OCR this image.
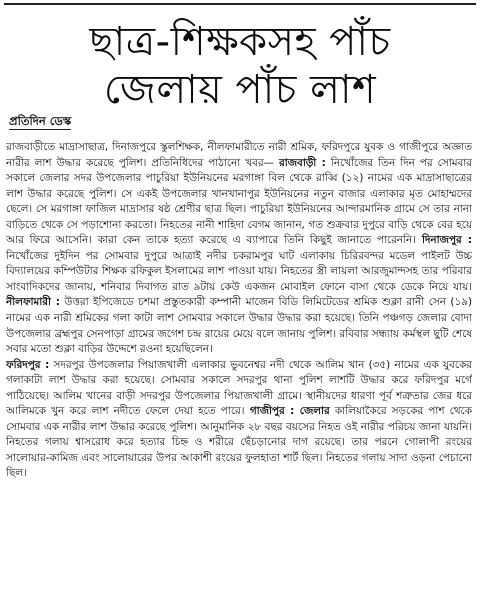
ছাত্র-শিক্ষকসহ পাঁচ
জেলায় পাঁচ লাশ
প্রতিদিন ডেস্ক

রাজবাড়ীতে মাদ্রাসাছাত্র, দিনাজপুরে স্কুলশিক্ষক, নীলফামারীতে নারী শ্রমিক, ফরিদপুরে যুবক ও গাজীপুরে অজ্ঞাত নারীর লাশ উদ্ধার করেছে পুলিশ। প্রতিনিধিদের পাঠানো খবর— রাজবাড়ী : নিখোঁজের তিন দিন পর সোমবার সকালে জেলার সদর উপজেলার পাচুরিয়া ইউনিয়নের মরগাঙ্গা বিল থেকে রাব্বি (১২) নামের এক মাদ্রাসাছাত্রের লাশ উদ্ধার করেছে পুলিশ। সে একই উপজেলার খানখানাপুর ইউনিয়নের নতুন বাজার এলাকার মৃত মোহাম্মদের ছেলে। সে মরগাঙ্গা ফাজিল মাদ্রাসার ষষ্ঠ শ্রেণীর ছাত্র ছিল। পাচুরিয়া ইউনিয়নের আন্দারমানিক গ্রামে সে তার নানা বাড়িতে থেকে সে পড়াশোনা করতো। নিহতের নানী শাহিদা বেগম জানান, গত শুক্রবার দুপুরে বাড়ি থেকে বের হয়ে আর ফিরে আসেনি। কারা কেন তাকে হত্যা করেছে এ ব্যাপারে তিনি কিছুই জানাতে পারেননি। দিনাজপুর : নিখোঁজের দুইদিন পর সোমবার দুপুরে আত্রাই নদীর চকরামপুর ঘাট এলাকায় চিরিরবন্দর মডেল পাইলট উচ্চ বিদ্যালয়ের কম্পিউটার শিক্ষক রফিকুল ইসলামের লাশ পাওয়া যায়। নিহতের স্ত্রী লায়লা আরজুমান্দসহ তার পরিবার সাংবাদিকদের জানায়, শনিবার দিবাগত রাত ৯টায় কেউ একজন মোবাইল ফোনে বাসা থেকে ডেকে নিয়ে যায়। নীলফামারী : উত্তরা ইপিজেডে চশমা প্রস্তুতকারী কম্পানী মাজেন বিডি লিমিটেডের শ্রমিক শুক্লা রানী সেন (১৯) নামের এক নারী শ্রমিকের গলা কাটা লাশ সোমবার সকালে উদ্ধার উদ্ধার করা হয়েছে। তিনি পঞ্চগড় জেলার বোদা উপজেলার ব্রহ্মপুর সেনপাড়া গ্রামের জগেশ চন্দ্র রায়ের মেয়ে বলে জানায় পুলিশ। রবিবার সন্ধ্যায় কর্মস্থল ছুটি শেষে সবার মতো শুক্লা বাড়ির উদ্দেশে রওনা হয়েছিলেন।

ফরিদপুর : সদরপুর উপজেলার পিয়াজখালী এলাকার ভুবনেশ্বর নদী থেকে আলিম খান (৩৫) নামের এক যুবকের গলাকাটা লাশ উদ্ধার করা হয়েছে। সোমবার সকালে সদরপুর থানা পুলিশ লাশটি উদ্ধার করে ফরিদপুর মর্গে পাঠিয়েছে। আলিম খানের বাড়ী সদরপুর উপজেলার পিয়াজখালী গ্রামে। স্থানীয়দের ধারণা পূর্ব শত্রুতার জের ধরে আলিমকে খুন করে লাশ নদীতে ফেলে দেয়া হতে পারে। গাজীপুর : জেলার কালিয়াকৈরে সড়কের পাশ থেকে সোমবার এক নারীর লাশ উদ্ধার করেছে পুলিশ। আনুমানিক ২৮ বছর বয়সের নিহত ওই নারীর পরিচয় জানা যায়নি। নিহতের গলায় শ্বাসরোধ করে হত্যার চিহ্ন ও শরীরে ছেঁচড়ানোর দাগ রয়েছে। তার পরনে গোলাপী রংয়ের সালোয়ার-কামিজ এবং সালোয়ারের উপর আকাশী রংয়ের ফুলহাতা শার্ট ছিল। নিহতের গলায় সাদা ওড়না পেচানো ছিল।
